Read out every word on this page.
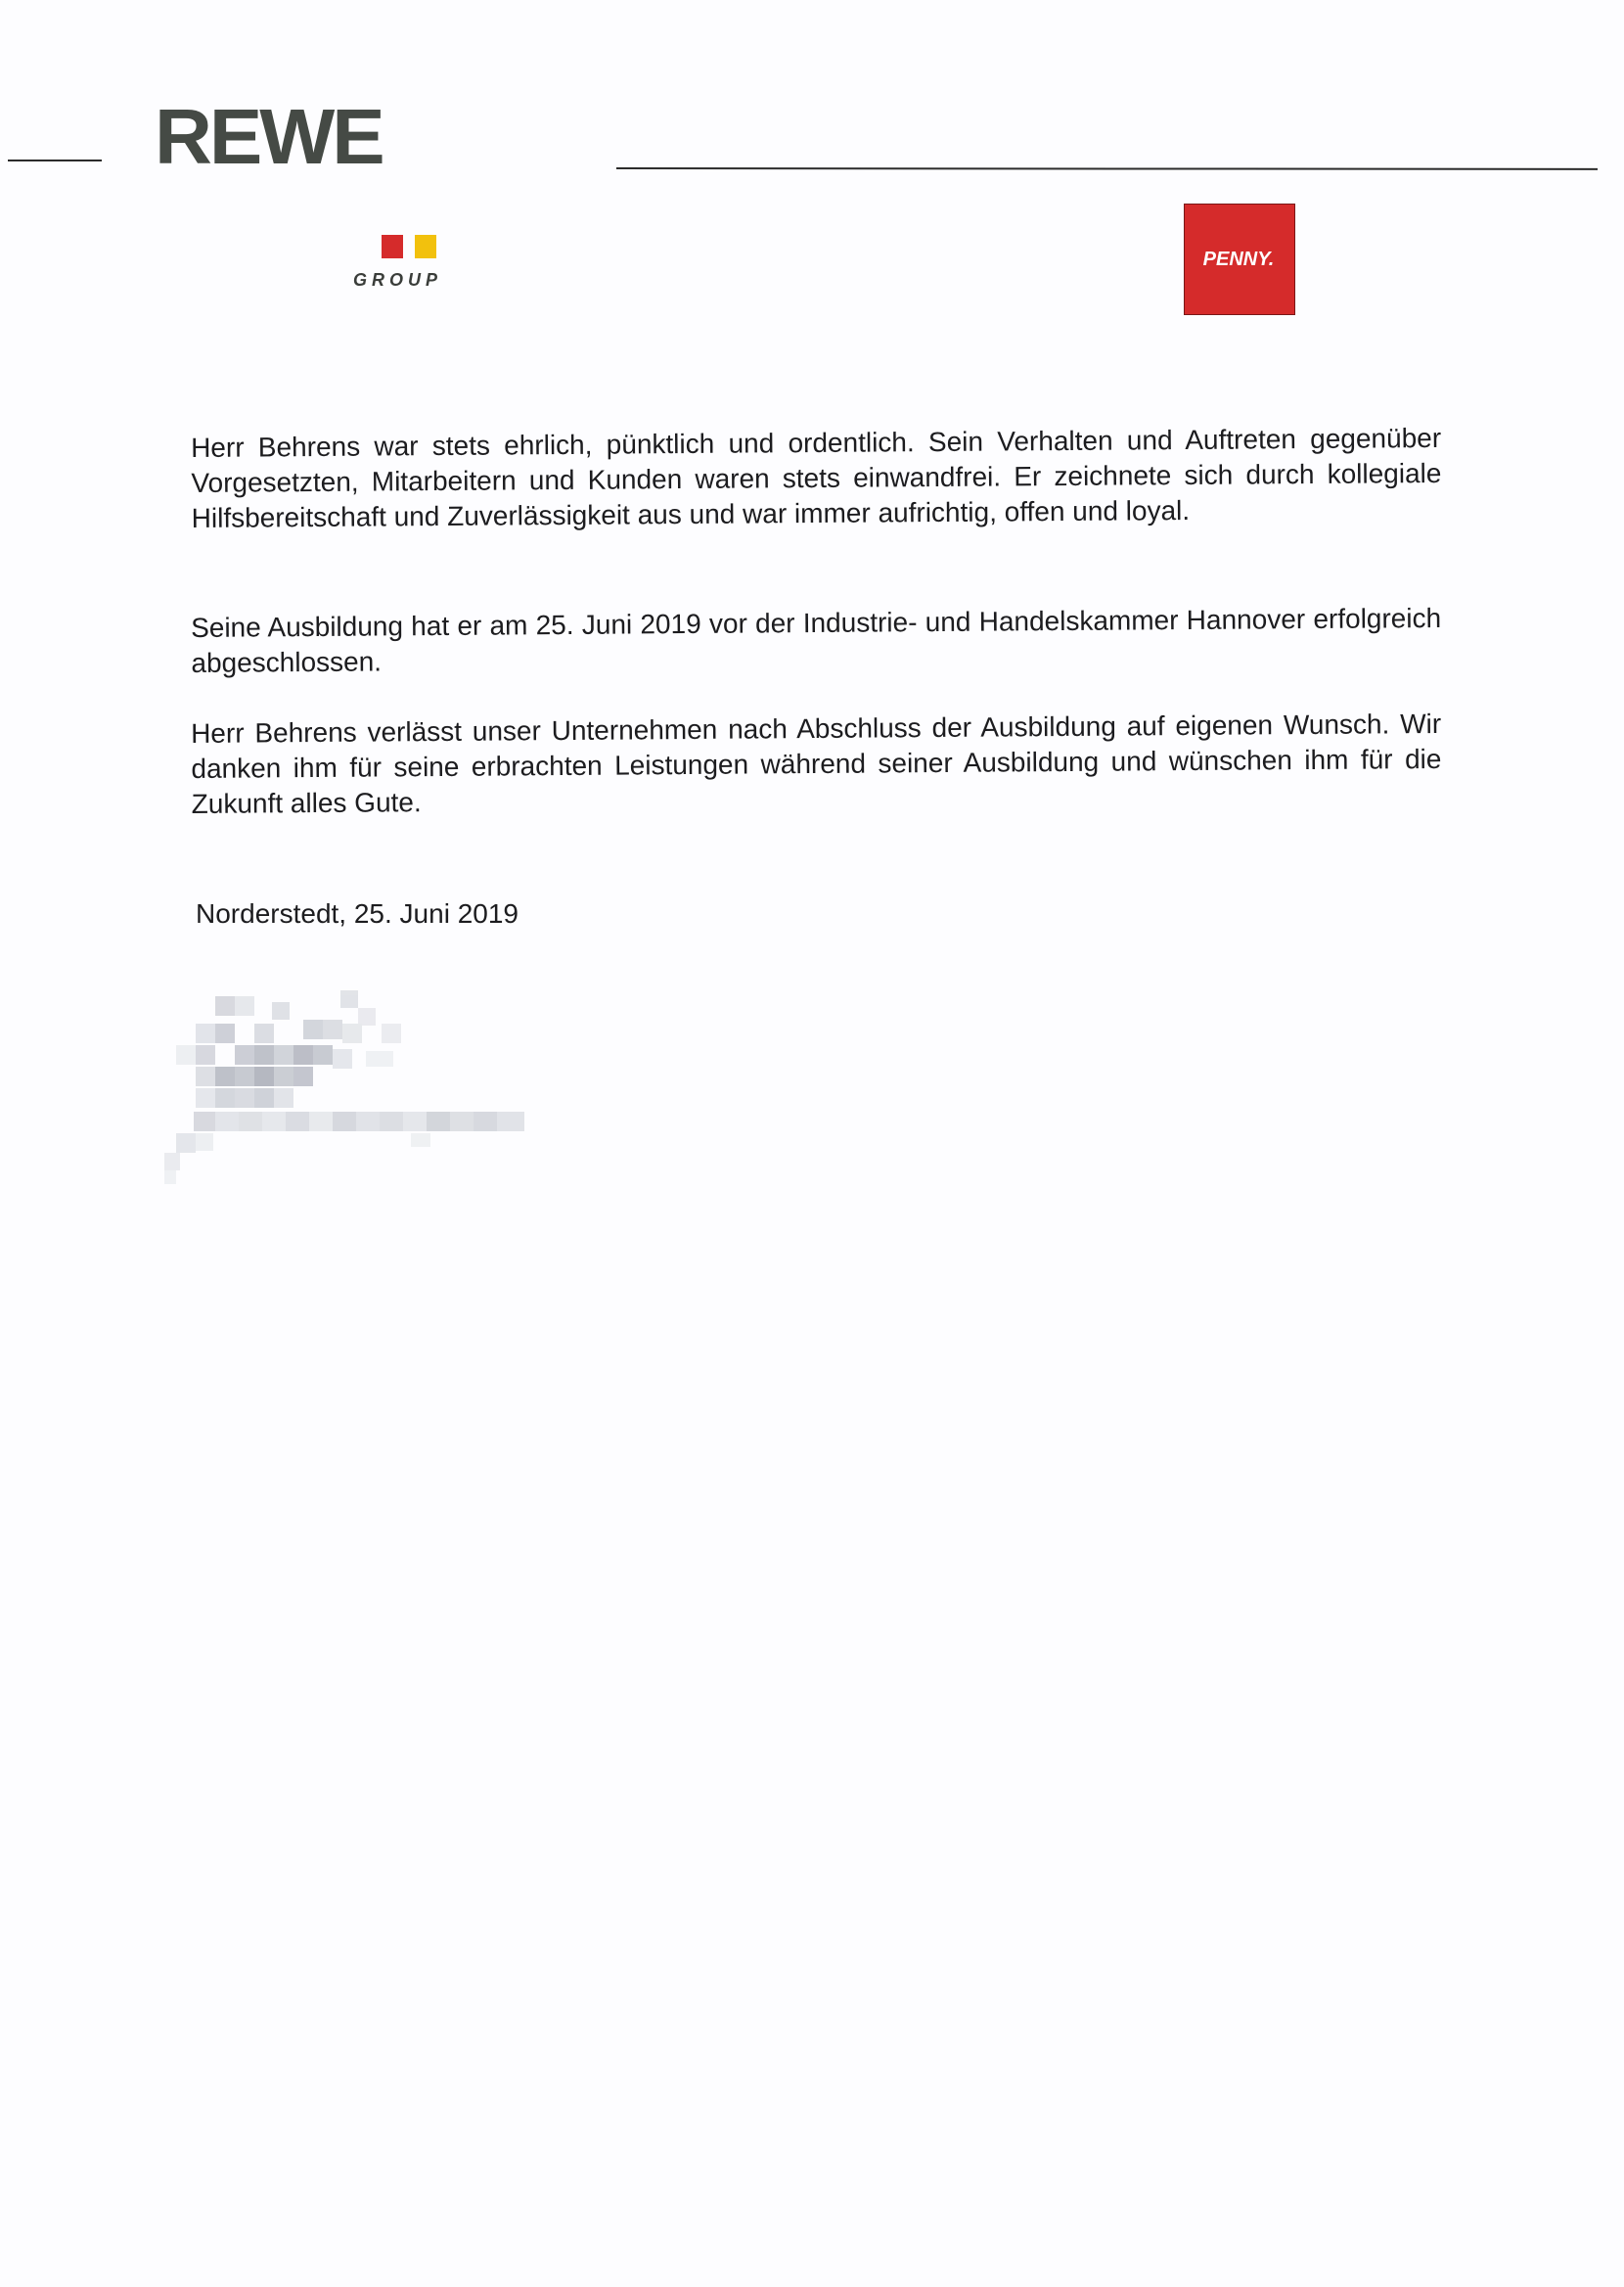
REWE
GROUP
PENNY.
Herr Behrens war stets ehrlich, pünktlich und ordentlich. Sein Verhalten und Auftreten gegenüber Vorgesetzten, Mitarbeitern und Kunden waren stets einwandfrei. Er zeichnete sich durch kollegiale Hilfsbereitschaft und Zuverlässigkeit aus und war immer aufrichtig, offen und loyal.
Seine Ausbildung hat er am 25. Juni 2019 vor der Industrie- und Handelskammer Hannover erfolgreich abgeschlossen.
Herr Behrens verlässt unser Unternehmen nach Abschluss der Ausbildung auf eigenen Wunsch. Wir danken ihm für seine erbrachten Leistungen während seiner Ausbildung und wünschen ihm für die Zukunft alles Gute.
Norderstedt, 25. Juni 2019
